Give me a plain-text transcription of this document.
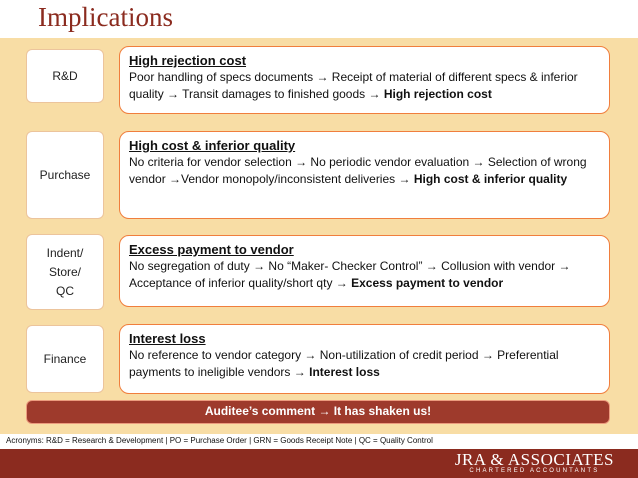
Implications
R&D
High rejection cost
Poor handling of specs documents → Receipt of material of different specs & inferior quality → Transit damages to finished goods → High rejection cost
Purchase
High cost & inferior quality
No criteria for vendor selection → No periodic vendor evaluation → Selection of wrong vendor →Vendor monopoly/inconsistent deliveries → High cost & inferior quality
Indent/
Store/
QC
Excess payment to vendor
No segregation of duty → No “Maker- Checker Control” → Collusion with vendor → Acceptance of inferior quality/short qty → Excess payment to vendor
Finance
Interest loss
No reference to vendor category → Non-utilization of credit period → Preferential payments to ineligible vendors → Interest loss
Auditee’s comment → It has shaken us!
Acronyms: R&D = Research & Development | PO = Purchase Order | GRN = Goods Receipt Note | QC = Quality Control
JRA & ASSOCIATES
CHARTERED ACCOUNTANTS
